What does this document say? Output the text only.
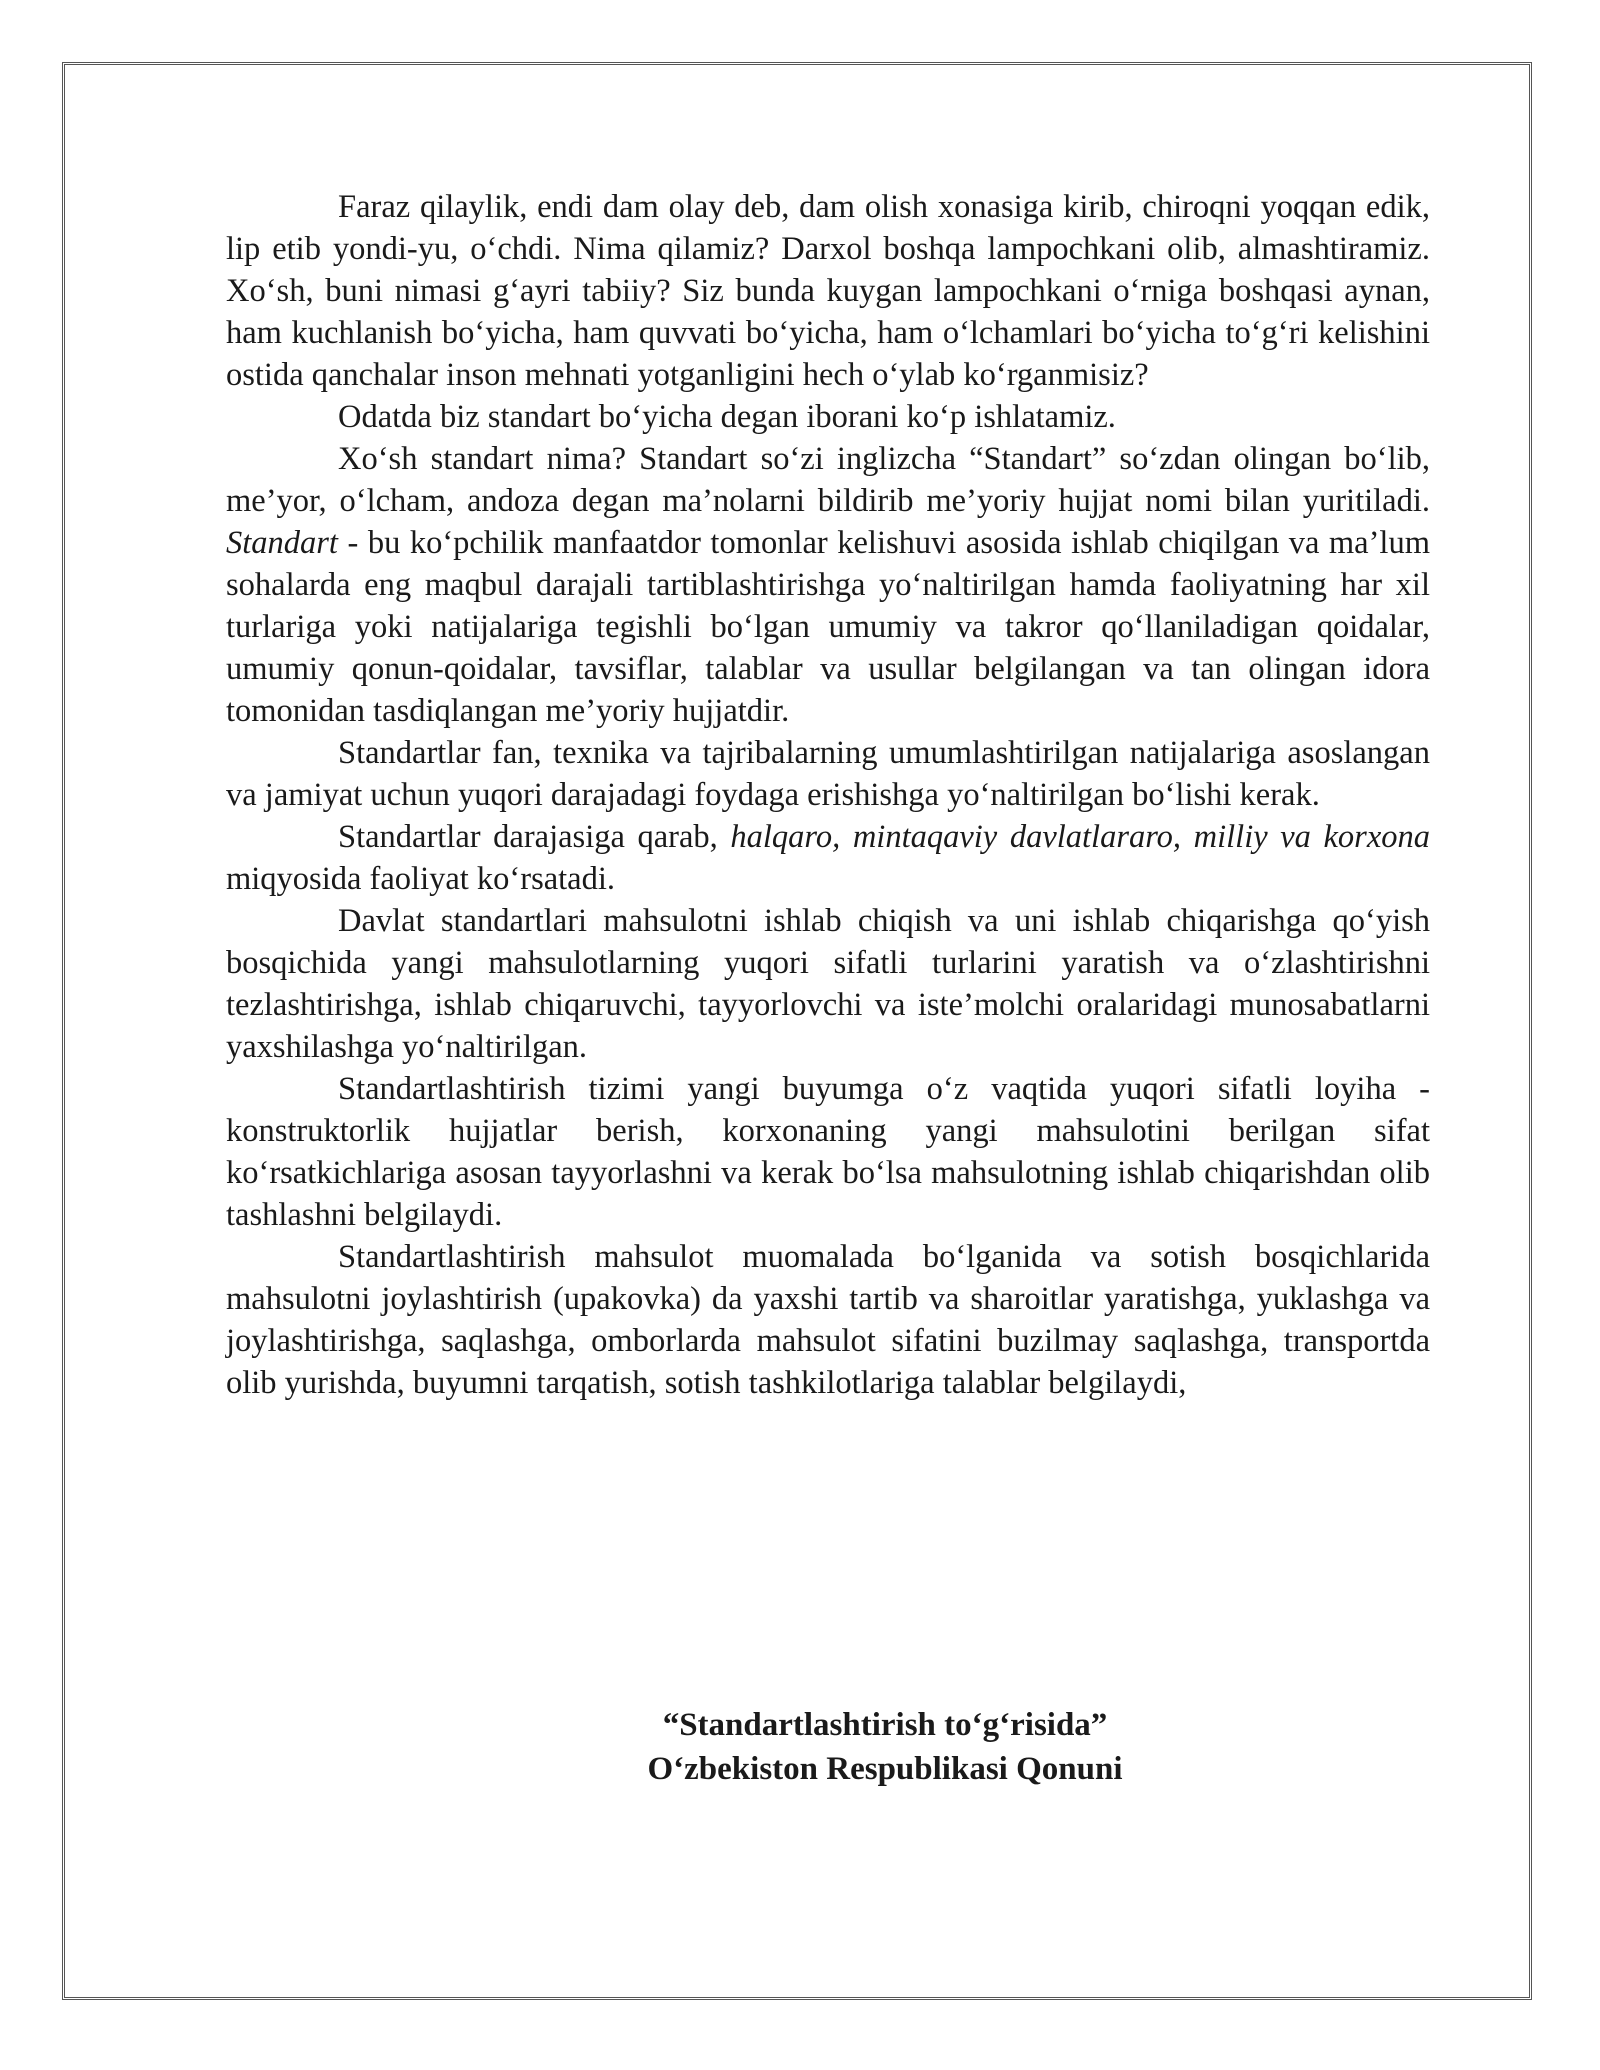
Faraz qilaylik, endi dam olay deb, dam olish xonasiga kirib, chiroqni yoqqan edik, lip etib yondi-yu, o‘chdi. Nima qilamiz? Darxol boshqa lampochkani olib, almashtiramiz. Xo‘sh, buni nimasi g‘ayri tabiiy? Siz bunda kuygan lampochkani o‘rniga boshqasi aynan, ham kuchlanish bo‘yicha, ham quvvati bo‘yicha, ham o‘lchamlari bo‘yicha to‘g‘ri kelishini ostida qanchalar inson mehnati yotganligini hech o‘ylab ko‘rganmisiz?

Odatda biz standart bo‘yicha degan iborani ko‘p ishlatamiz.

Xo‘sh standart nima? Standart so‘zi inglizcha “Standart” so‘zdan olingan bo‘lib, me’yor, o‘lcham, andoza degan ma’nolarni bildirib me’yoriy hujjat nomi bilan yuritiladi. Standart - bu ko‘pchilik manfaatdor tomonlar kelishuvi asosida ishlab chiqilgan va ma’lum sohalarda eng maqbul darajali tartiblashtirishga yo‘naltirilgan hamda faoliyatning har xil turlariga yoki natijalariga tegishli bo‘lgan umumiy va takror qo‘llaniladigan qoidalar, umumiy qonun-qoidalar, tavsiflar, talablar va usullar belgilangan va tan olingan idora tomonidan tasdiqlangan me’yoriy hujjatdir.

Standartlar fan, texnika va tajribalarning umumlashtirilgan natijalariga asoslangan va jamiyat uchun yuqori darajadagi foydaga erishishga yo‘naltirilgan bo‘lishi kerak.

Standartlar darajasiga qarab, halqaro, mintaqaviy davlatlararo, milliy va korxona miqyosida faoliyat ko‘rsatadi.

Davlat standartlari mahsulotni ishlab chiqish va uni ishlab chiqarishga qo‘yish bosqichida yangi mahsulotlarning yuqori sifatli turlarini yaratish va o‘zlashtirishni tezlashtirishga, ishlab chiqaruvchi, tayyorlovchi va iste’molchi oralaridagi munosabatlarni yaxshilashga yo‘naltirilgan.

Standartlashtirish tizimi yangi buyumga o‘z vaqtida yuqori sifatli loyiha - konstruktorlik hujjatlar berish, korxonaning yangi mahsulotini berilgan sifat ko‘rsatkichlariga asosan tayyorlashni va kerak bo‘lsa mahsulotning ishlab chiqarishdan olib tashlashni belgilaydi.

Standartlashtirish mahsulot muomalada bo‘lganida va sotish bosqichlarida mahsulotni joylashtirish (upakovka) da yaxshi tartib va sharoitlar yaratishga, yuklashga va joylashtirishga, saqlashga, omborlarda mahsulot sifatini buzilmay saqlashga, transportda olib yurishda, buyumni tarqatish, sotish tashkilotlariga talablar belgilaydi,

“Standartlashtirish to‘g‘risida”
O‘zbekiston Respublikasi Qonuni
